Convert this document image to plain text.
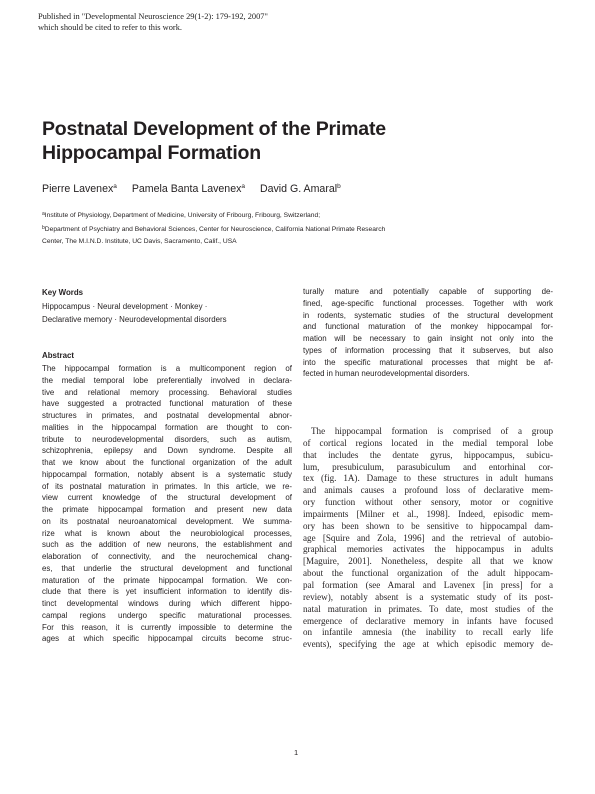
Published in "Developmental Neuroscience 29(1-2): 179-192, 2007"
which should be cited to refer to this work.
Postnatal Development of the Primate
Hippocampal Formation
Pierre Lavenex$^a$ Pamela Banta Lavenex$^a$ David G. Amaral$^b$
$^a$Institute of Physiology, Department of Medicine, University of Fribourg, Fribourg, Switzerland;
$^b$Department of Psychiatry and Behavioral Sciences, Center for Neuroscience, California National Primate Research
Center, The M.I.N.D. Institute, UC Davis, Sacramento, Calif., USA
Key Words
Hippocampus · Neural development · Monkey ·
Declarative memory · Neurodevelopmental disorders
Abstract
The hippocampal formation is a multicomponent region of
the medial temporal lobe preferentially involved in declara-
tive and relational memory processing. Behavioral studies
have suggested a protracted functional maturation of these
structures in primates, and postnatal developmental abnor-
malities in the hippocampal formation are thought to con-
tribute to neurodevelopmental disorders, such as autism,
schizophrenia, epilepsy and Down syndrome. Despite all
that we know about the functional organization of the adult
hippocampal formation, notably absent is a systematic study
of its postnatal maturation in primates. In this article, we re-
view current knowledge of the structural development of
the primate hippocampal formation and present new data
on its postnatal neuroanatomical development. We summa-
rize what is known about the neurobiological processes,
such as the addition of new neurons, the establishment and
elaboration of connectivity, and the neurochemical chang-
es, that underlie the structural development and functional
maturation of the primate hippocampal formation. We con-
clude that there is yet insufficient information to identify dis-
tinct developmental windows during which different hippo-
campal regions undergo specific maturational processes.
For this reason, it is currently impossible to determine the
ages at which specific hippocampal circuits become struc-
turally mature and potentially capable of supporting de-
fined, age-specific functional processes. Together with work
in rodents, systematic studies of the structural development
and functional maturation of the monkey hippocampal for-
mation will be necessary to gain insight not only into the
types of information processing that it subserves, but also
into the specific maturational processes that might be af-
fected in human neurodevelopmental disorders.
The hippocampal formation is comprised of a group
of cortical regions located in the medial temporal lobe
that includes the dentate gyrus, hippocampus, subicu-
lum, presubiculum, parasubiculum and entorhinal cor-
tex (fig. 1A). Damage to these structures in adult humans
and animals causes a profound loss of declarative mem-
ory function without other sensory, motor or cognitive
impairments [Milner et al., 1998]. Indeed, episodic mem-
ory has been shown to be sensitive to hippocampal dam-
age [Squire and Zola, 1996] and the retrieval of autobio-
graphical memories activates the hippocampus in adults
[Maguire, 2001]. Nonetheless, despite all that we know
about the functional organization of the adult hippocam-
pal formation (see Amaral and Lavenex [in press] for a
review), notably absent is a systematic study of its post-
natal maturation in primates. To date, most studies of the
emergence of declarative memory in infants have focused
on infantile amnesia (the inability to recall early life
events), specifying the age at which episodic memory de-
1
